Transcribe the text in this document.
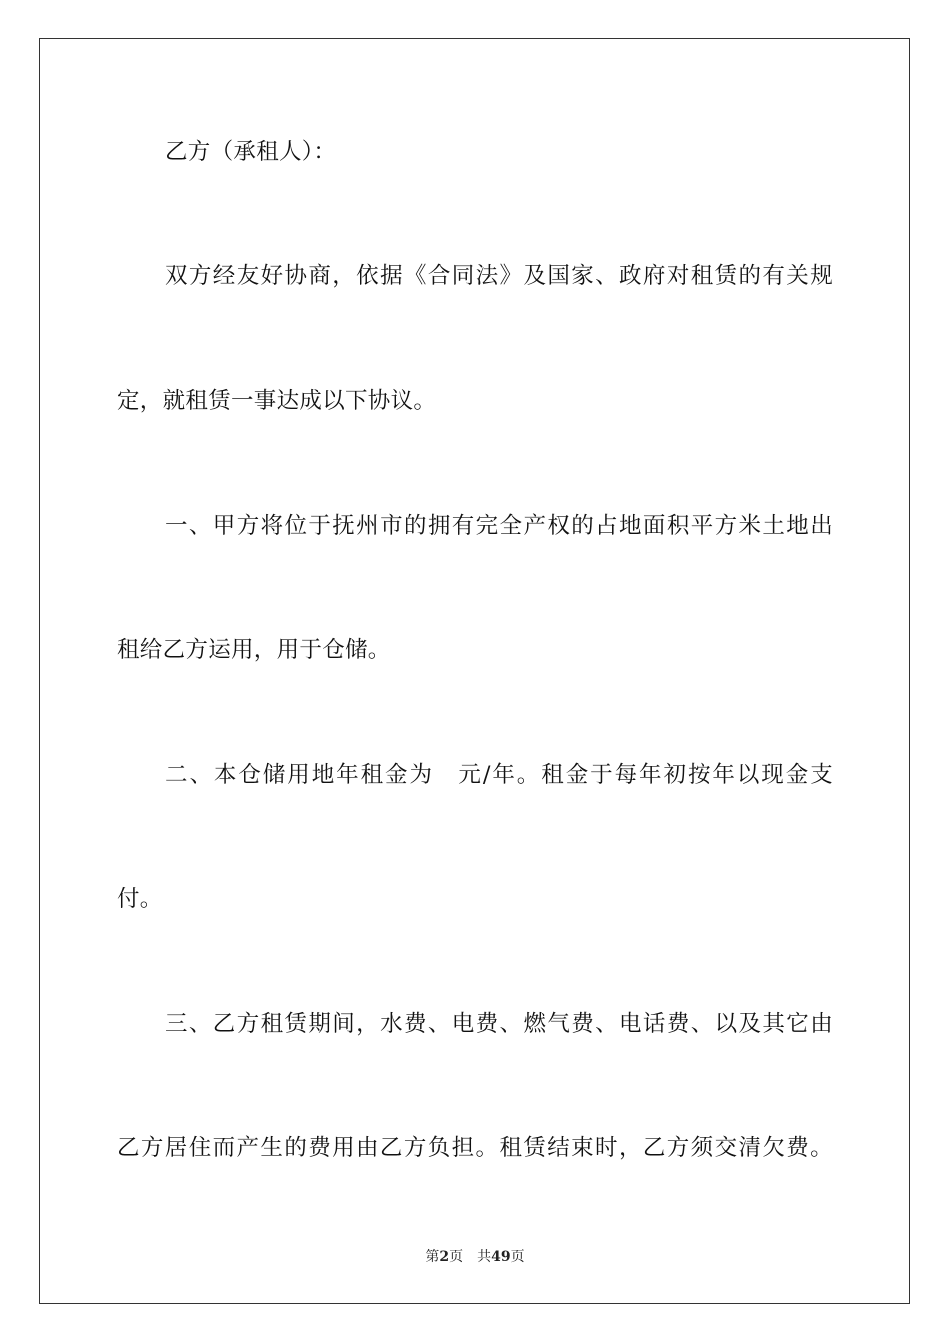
乙方（承租人）：
双方经友好协商，依据《合同法》及国家、政府对租赁的有关规
定，就租赁一事达成以下协议。
一、甲方将位于抚州市的拥有完全产权的占地面积平方米土地出
租给乙方运用，用于仓储。
二、本仓储用地年租金为　元/年。租金于每年初按年以现金支
付。
三、乙方租赁期间，水费、电费、燃气费、电话费、以及其它由
乙方居住而产生的费用由乙方负担。租赁结束时，乙方须交清欠费。
第2页 共49页
